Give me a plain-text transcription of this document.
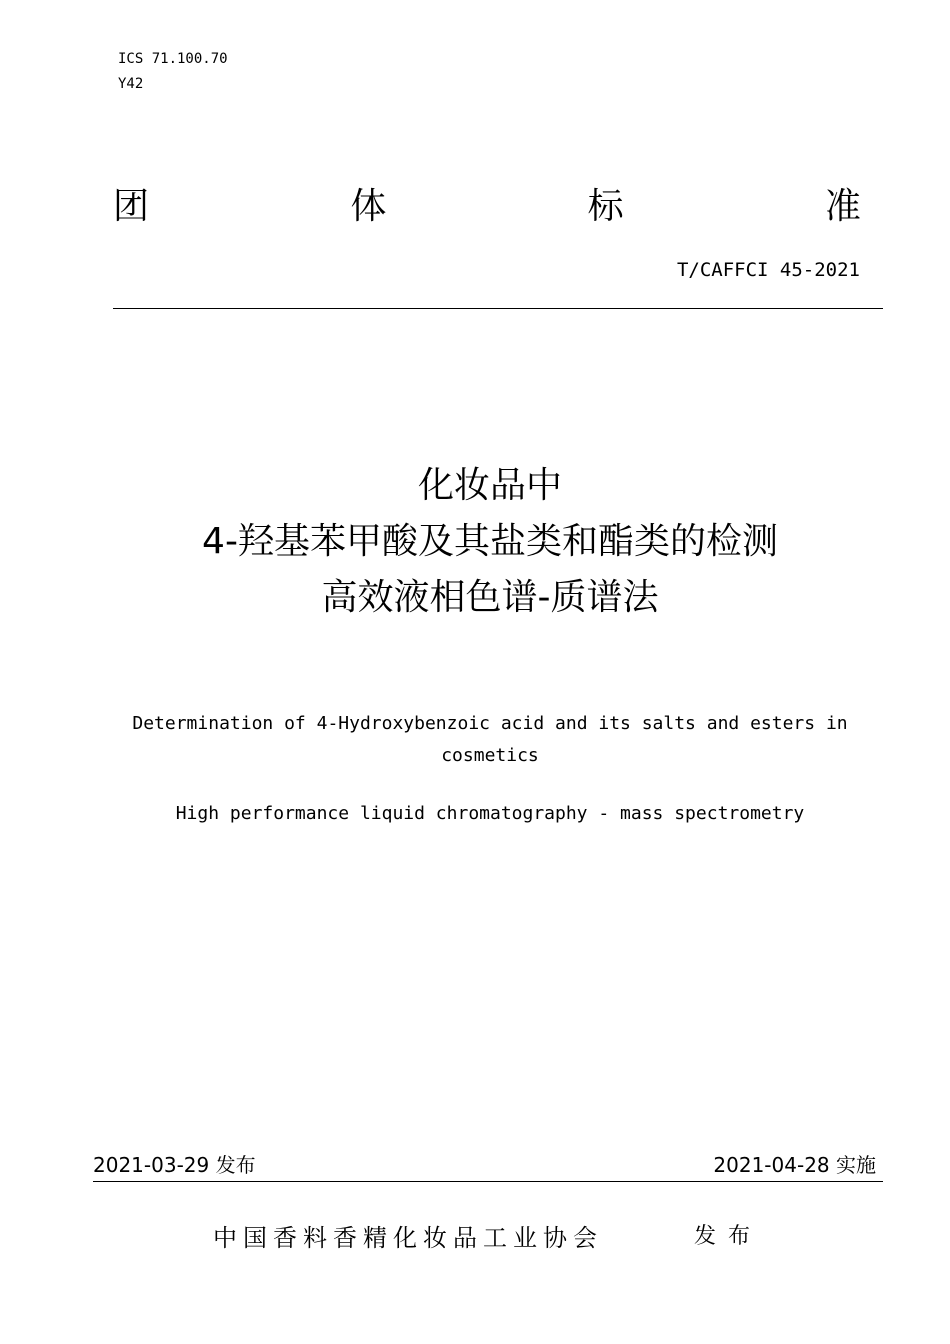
ICS 71.100.70
Y42
团	体	标	准
T/CAFFCI 45-2021
化妆品中
4-羟基苯甲酸及其盐类和酯类的检测
高效液相色谱-质谱法
Determination of 4-Hydroxybenzoic acid and its salts and esters in
cosmetics
High performance liquid chromatography - mass spectrometry
2021-03-29 发布	2021-04-28 实施
中国香料香精化妆品工业协会	发布
